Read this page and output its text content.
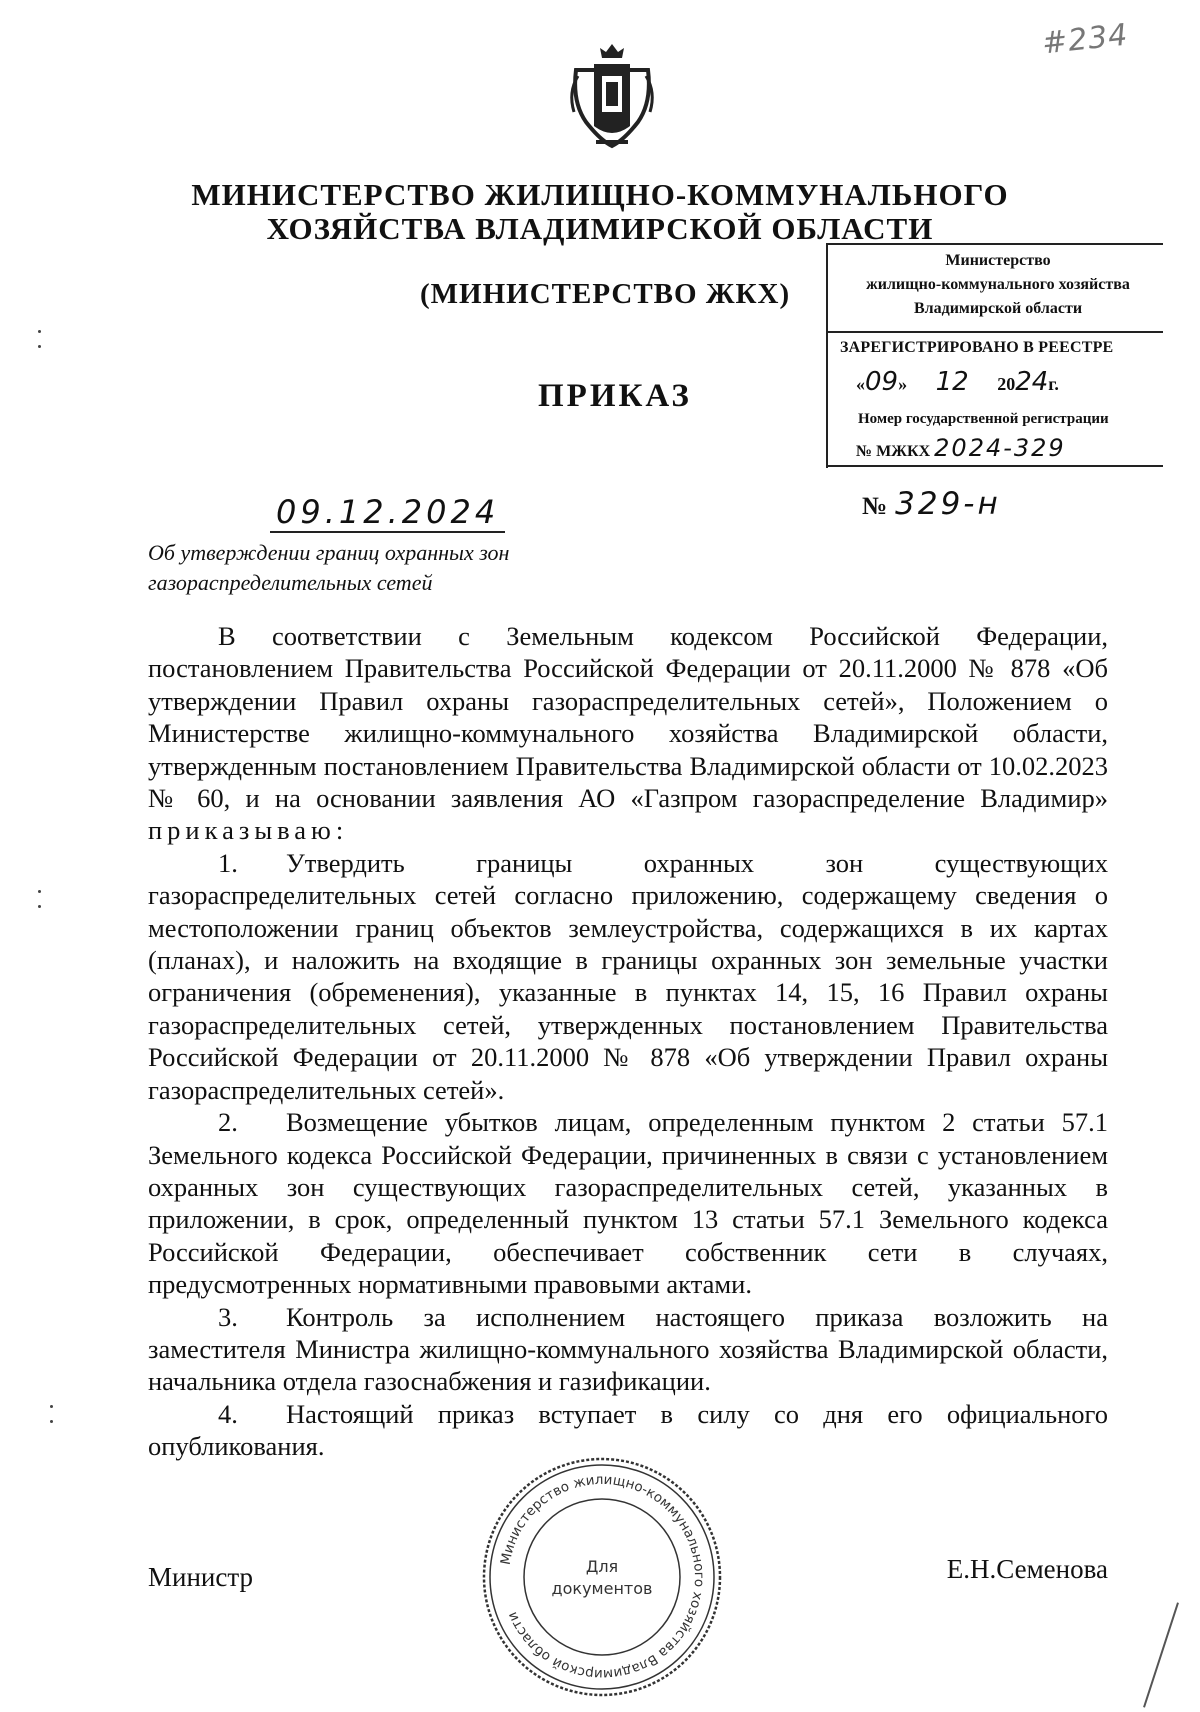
#234
МИНИСТЕРСТВО ЖИЛИЩНО-КОММУНАЛЬНОГО
ХОЗЯЙСТВА ВЛАДИМИРСКОЙ ОБЛАСТИ
(МИНИСТЕРСТВО ЖКХ)
ПРИКАЗ
Министерство
жилищно-коммунального хозяйства
Владимирской области
ЗАРЕГИСТРИРОВАНО В РЕЕСТРЕ
«09» 12 2024г.
Номер государственной регистрации
№ МЖКХ 2024-329
09.12.2024	№ 329-н
Об утверждении границ охранных зон
газораспределительных сетей

В соответствии с Земельным кодексом Российской Федерации, постановлением Правительства Российской Федерации от 20.11.2000 № 878 «Об утверждении Правил охраны газораспределительных сетей», Положением о Министерстве жилищно-коммунального хозяйства Владимирской области, утвержденным постановлением Правительства Владимирской области от 10.02.2023 № 60, и на основании заявления АО «Газпром газораспределение Владимир» приказываю:

1. Утвердить границы охранных зон существующих газораспределительных сетей согласно приложению, содержащему сведения о местоположении границ объектов землеустройства, содержащихся в их картах (планах), и наложить на входящие в границы охранных зон земельные участки ограничения (обременения), указанные в пунктах 14, 15, 16 Правил охраны газораспределительных сетей, утвержденных постановлением Правительства Российской Федерации от 20.11.2000 № 878 «Об утверждении Правил охраны газораспределительных сетей».

2. Возмещение убытков лицам, определенным пунктом 2 статьи 57.1 Земельного кодекса Российской Федерации, причиненных в связи с установлением охранных зон существующих газораспределительных сетей, указанных в приложении, в срок, определенный пунктом 13 статьи 57.1 Земельного кодекса Российской Федерации, обеспечивает собственник сети в случаях, предусмотренных нормативными правовыми актами.

3. Контроль за исполнением настоящего приказа возложить на заместителя Министра жилищно-коммунального хозяйства Владимирской области, начальника отдела газоснабжения и газификации.

4. Настоящий приказ вступает в силу со дня его официального опубликования.

Министерство жилищно-коммунального хозяйства Владимирской области
Для
документов
Министр	Е.Н.Семенова
